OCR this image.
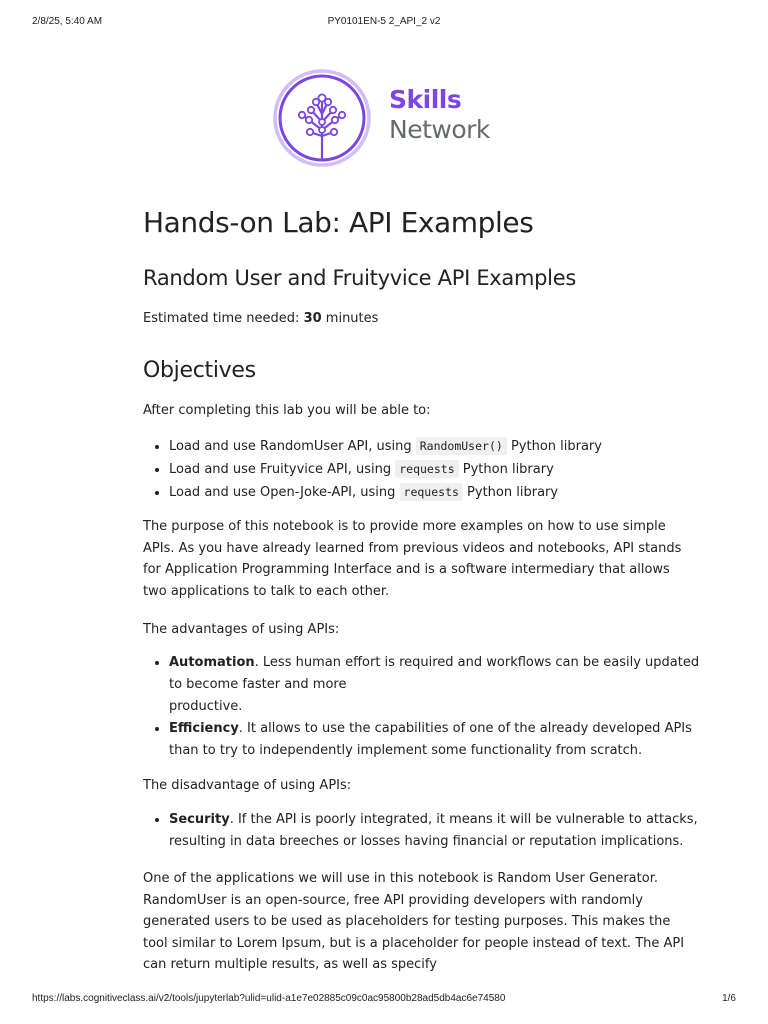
2/8/25, 5:40 AM	PY0101EN-5 2_API_2 v2
Skills
Network
Hands-on Lab: API Examples
Random User and Fruityvice API Examples
Estimated time needed: 30 minutes
Objectives

After completing this lab you will be able to:

• Load and use RandomUser API, using RandomUser() Python library
• Load and use Fruityvice API, using requests Python library
• Load and use Open-Joke-API, using requests Python library

The purpose of this notebook is to provide more examples on how to use simple APIs. As you have already learned from previous videos and notebooks, API stands for Application Programming Interface and is a software intermediary that allows two applications to talk to each other.

The advantages of using APIs:

• Automation. Less human effort is required and workflows can be easily updated to become faster and more
productive.
• Efficiency. It allows to use the capabilities of one of the already developed APIs than to try to independently implement some functionality from scratch.

The disadvantage of using APIs:

• Security. If the API is poorly integrated, it means it will be vulnerable to attacks, resulting in data breeches or losses having financial or reputation implications.

One of the applications we will use in this notebook is Random User Generator. RandomUser is an open-source, free API providing developers with randomly generated users to be used as placeholders for testing purposes. This makes the tool similar to Lorem Ipsum, but is a placeholder for people instead of text. The API can return multiple results, as well as specify

https://labs.cognitiveclass.ai/v2/tools/jupyterlab?ulid=ulid-a1e7e02885c09c0ac95800b28ad5db4ac6e74580	1/6
